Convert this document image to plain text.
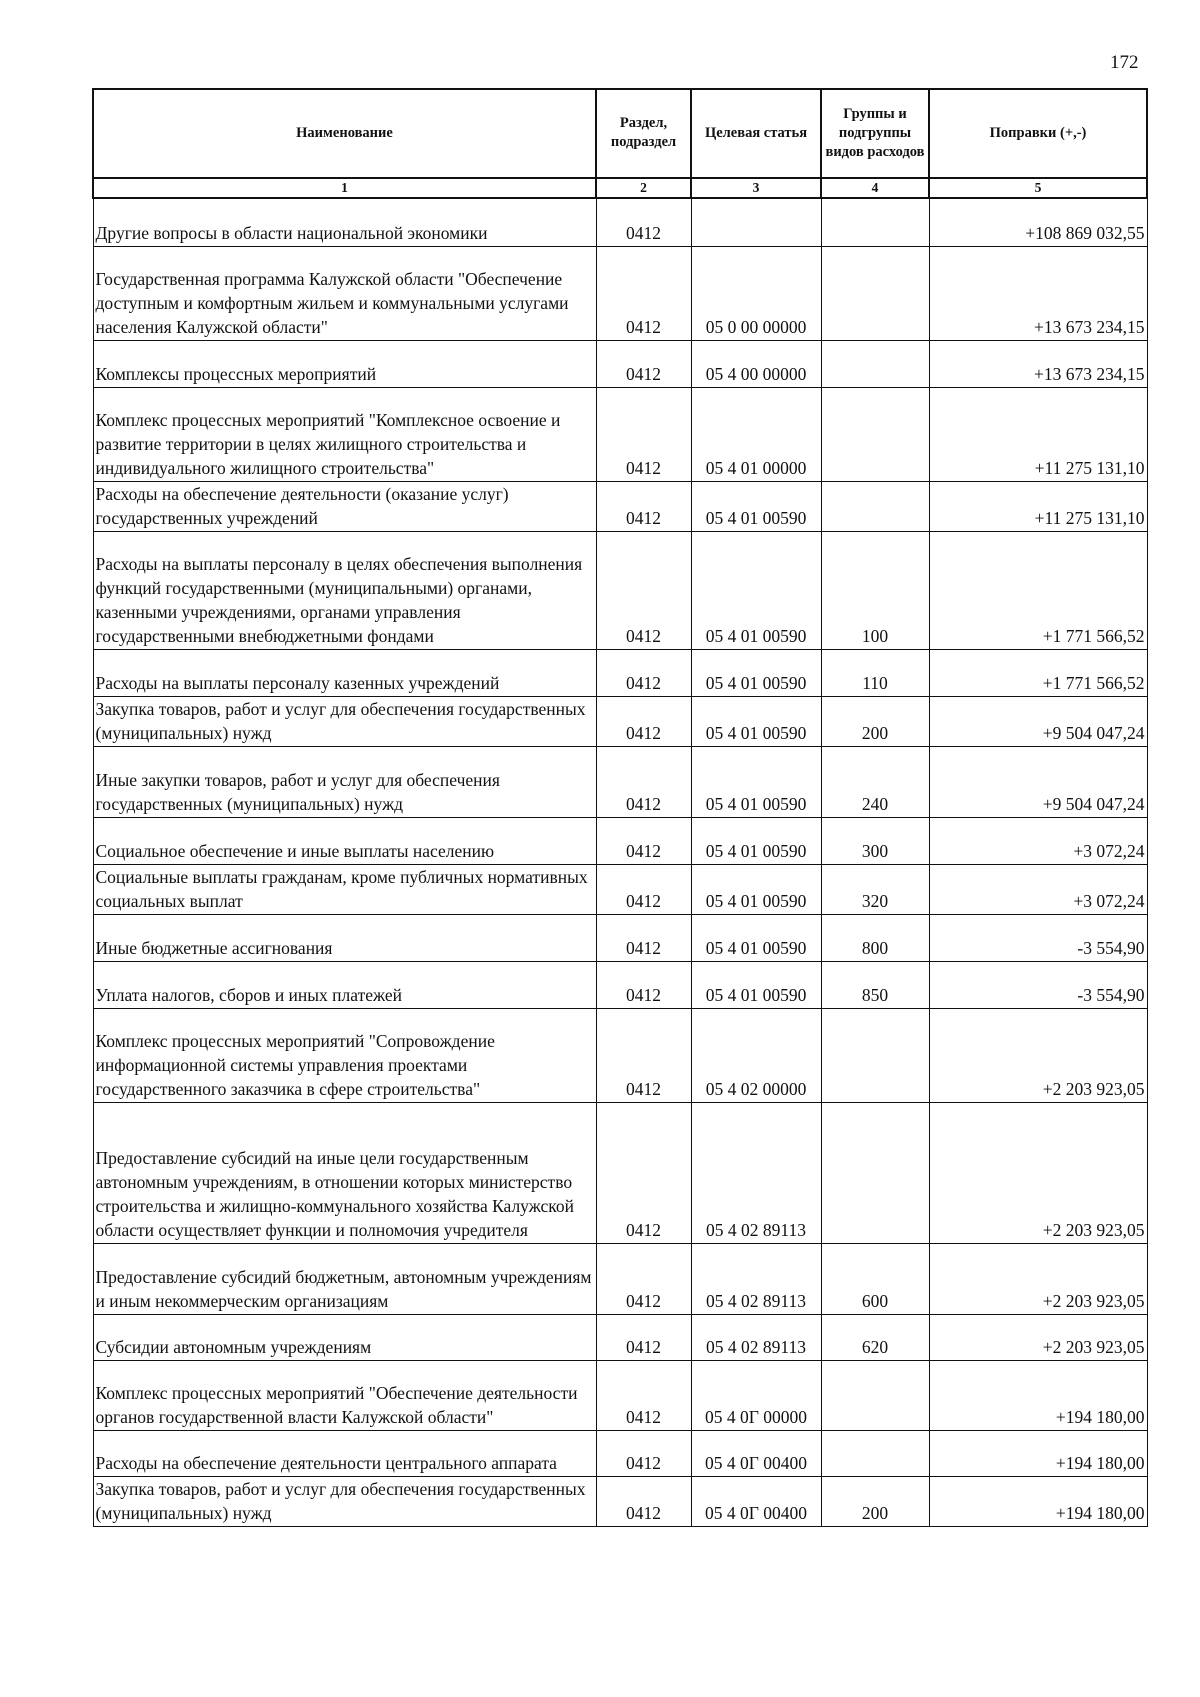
172
Наименование	Раздел, подраздел	Целевая статья	Группы и подгруппы видов расходов	Поправки (+,-)
1	2	3	4	5
Другие вопросы в области национальной экономики	0412			+108 869 032,55
Государственная программа Калужской области "Обеспечение доступным и комфортным жильем и коммунальными услугами населения Калужской области"	0412	05 0 00 00000		+13 673 234,15
Комплексы процессных мероприятий	0412	05 4 00 00000		+13 673 234,15
Комплекс процессных мероприятий "Комплексное освоение и развитие территории в целях жилищного строительства и индивидуального жилищного строительства"	0412	05 4 01 00000		+11 275 131,10
Расходы на обеспечение деятельности (оказание услуг) государственных учреждений	0412	05 4 01 00590		+11 275 131,10
Расходы на выплаты персоналу в целях обеспечения выполнения функций государственными (муниципальными) органами, казенными учреждениями, органами управления государственными внебюджетными фондами	0412	05 4 01 00590	100	+1 771 566,52
Расходы на выплаты персоналу казенных учреждений	0412	05 4 01 00590	110	+1 771 566,52
Закупка товаров, работ и услуг для обеспечения государственных (муниципальных) нужд	0412	05 4 01 00590	200	+9 504 047,24
Иные закупки товаров, работ и услуг для обеспечения государственных (муниципальных) нужд	0412	05 4 01 00590	240	+9 504 047,24
Социальное обеспечение и иные выплаты населению	0412	05 4 01 00590	300	+3 072,24
Социальные выплаты гражданам, кроме публичных нормативных социальных выплат	0412	05 4 01 00590	320	+3 072,24
Иные бюджетные ассигнования	0412	05 4 01 00590	800	-3 554,90
Уплата налогов, сборов и иных платежей	0412	05 4 01 00590	850	-3 554,90
Комплекс процессных мероприятий "Сопровождение информационной системы управления проектами государственного заказчика в сфере строительства"	0412	05 4 02 00000		+2 203 923,05
Предоставление субсидий на иные цели государственным автономным учреждениям, в отношении которых министерство строительства и жилищно-коммунального хозяйства Калужской области осуществляет функции и полномочия учредителя	0412	05 4 02 89113		+2 203 923,05
Предоставление субсидий бюджетным, автономным учреждениям и иным некоммерческим организациям	0412	05 4 02 89113	600	+2 203 923,05
Субсидии автономным учреждениям	0412	05 4 02 89113	620	+2 203 923,05
Комплекс процессных мероприятий "Обеспечение деятельности органов государственной власти Калужской области"	0412	05 4 0Г 00000		+194 180,00
Расходы на обеспечение деятельности центрального аппарата	0412	05 4 0Г 00400		+194 180,00
Закупка товаров, работ и услуг для обеспечения государственных (муниципальных) нужд	0412	05 4 0Г 00400	200	+194 180,00
